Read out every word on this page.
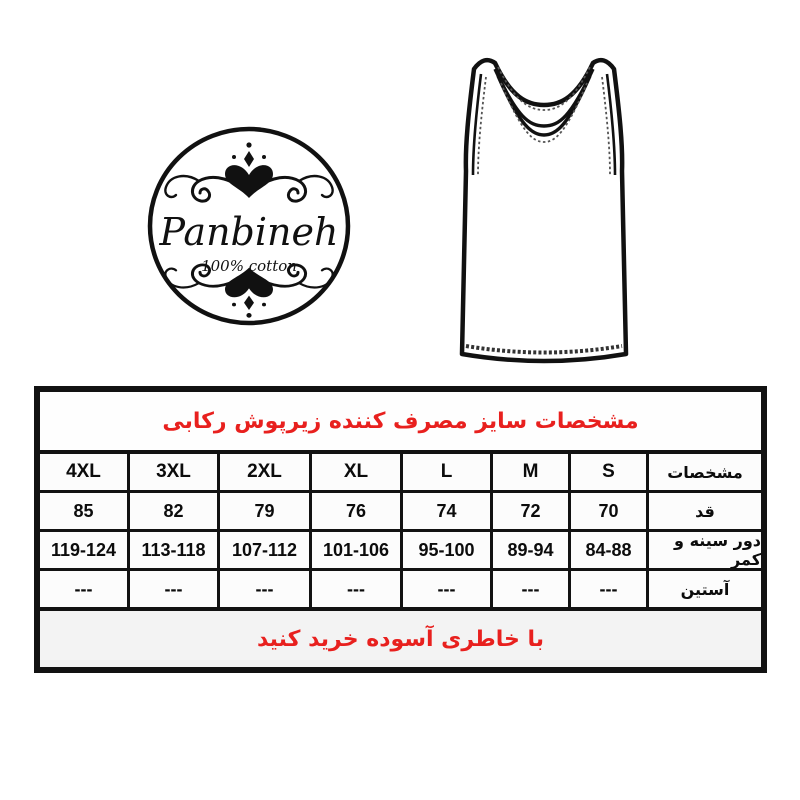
Panbineh
100% cotton
مشخصات سایز مصرف کننده زیرپوش رکابی
4XL	3XL	2XL	XL	L	M	S	مشخصات
85	82	79	76	74	72	70	قد
119-124	113-118	107-112	101-106	95-100	89-94	84-88	دور سینه و کمر
---	---	---	---	---	---	---	آستین
با خاطری آسوده خرید کنید
